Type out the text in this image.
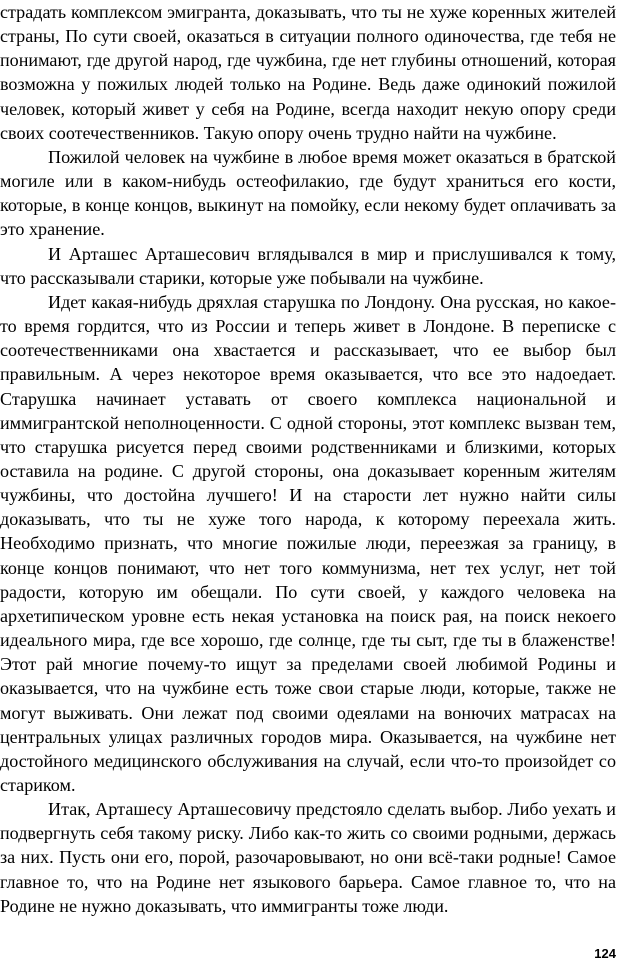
страдать комплексом эмигранта, доказывать, что ты не хуже коренных жителей страны, По сути своей, оказаться в ситуации полного одиночества, где тебя не понимают, где другой народ, где чужбина, где нет глубины отношений, которая возможна у пожилых людей только на Родине. Ведь даже одинокий пожилой человек, который живет у себя на Родине, всегда находит некую опору среди своих соотечественников. Такую опору очень трудно найти на чужбине.

Пожилой человек на чужбине в любое время может оказаться в братской могиле или в каком-нибудь остеофилакио, где будут храниться его кости, которые, в конце концов, выкинут на помойку, если некому будет оплачивать за это хранение.

И Арташес Арташесович вглядывался в мир и прислушивался к тому, что рассказывали старики, которые уже побывали на чужбине.

Идет какая-нибудь дряхлая старушка по Лондону. Она русская, но какое-то время гордится, что из России и теперь живет в Лондоне. В переписке с соотечественниками она хвастается и рассказывает, что ее выбор был правильным. А через некоторое время оказывается, что все это надоедает. Старушка начинает уставать от своего комплекса национальной и иммигрантской неполноценности. С одной стороны, этот комплекс вызван тем, что старушка рисуется перед своими родственниками и близкими, которых оставила на родине. С другой стороны, она доказывает коренным жителям чужбины, что достойна лучшего! И на старости лет нужно найти силы доказывать, что ты не хуже того народа, к которому переехала жить. Необходимо признать, что многие пожилые люди, переезжая за границу, в конце концов понимают, что нет того коммунизма, нет тех услуг, нет той радости, которую им обещали. По сути своей, у каждого человека на архетипическом уровне есть некая установка на поиск рая, на поиск некоего идеального мира, где все хорошо, где солнце, где ты сыт, где ты в блаженстве! Этот рай многие почему-то ищут за пределами своей любимой Родины и оказывается, что на чужбине есть тоже свои старые люди, которые, также не могут выживать. Они лежат под своими одеялами на вонючих матрасах на центральных улицах различных городов мира. Оказывается, на чужбине нет достойного медицинского обслуживания на случай, если что-то произойдет со стариком.

Итак, Арташесу Арташесовичу предстояло сделать выбор. Либо уехать и подвергнуть себя такому риску. Либо как-то жить со своими родными, держась за них. Пусть они его, порой, разочаровывают, но они всё-таки родные! Самое главное то, что на Родине нет языкового барьера. Самое главное то, что на Родине не нужно доказывать, что иммигранты тоже люди.

124
